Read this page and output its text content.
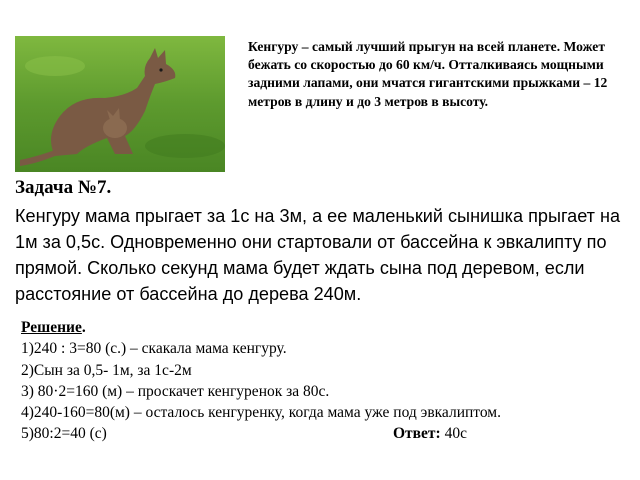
Кенгуру – самый лучший прыгун на всей планете. Может бежать со скоростью до 60 км/ч. Отталкиваясь мощными задними лапами, они мчатся гигантскими прыжками – 12 метров в длину и до 3 метров в высоту.
Задача №7.
Кенгуру мама прыгает за 1с на 3м, а ее маленький сынишка прыгает на 1м за 0,5с. Одновременно они стартовали от бассейна к эвкалипту по прямой. Сколько секунд мама будет ждать сына под деревом, если расстояние от бассейна до дерева 240м.
Решение.
1)240 : 3=80 (с.) – скакала мама кенгуру.
2)Сын за 0,5- 1м, за 1с-2м
3) 80·2=160 (м) – проскачет кенгуренок за 80с.
4)240-160=80(м) – осталось кенгуренку, когда мама уже под эвкалиптом.
5)80:2=40 (с)	Ответ: 40с
